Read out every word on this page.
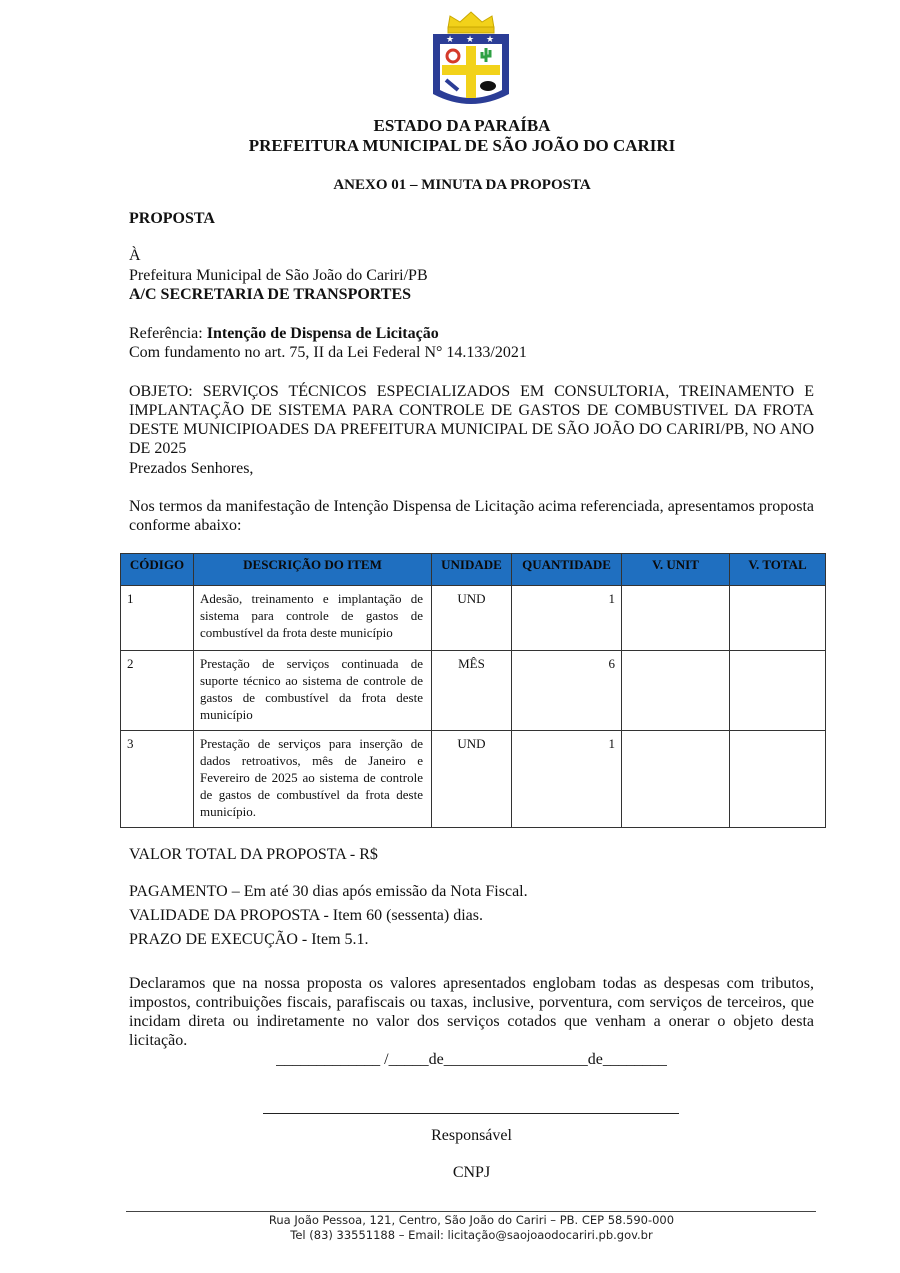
★ ★ ★
ESTADO DA PARAÍBA
PREFEITURA MUNICIPAL DE SÃO JOÃO DO CARIRI
ANEXO 01 – MINUTA DA PROPOSTA
PROPOSTA
À
Prefeitura Municipal de São João do Cariri/PB
A/C SECRETARIA DE TRANSPORTES
Referência: Intenção de Dispensa de Licitação
Com fundamento no art. 75, II da Lei Federal N° 14.133/2021
OBJETO: SERVIÇOS TÉCNICOS ESPECIALIZADOS EM CONSULTORIA, TREINAMENTO E IMPLANTAÇÃO DE SISTEMA PARA CONTROLE DE GASTOS DE COMBUSTIVEL DA FROTA DESTE MUNICIPIOADES DA PREFEITURA MUNICIPAL DE SÃO JOÃO DO CARIRI/PB, NO ANO DE 2025
Prezados Senhores,
Nos termos da manifestação de Intenção Dispensa de Licitação acima referenciada, apresentamos proposta conforme abaixo:
CÓDIGO	DESCRIÇÃO DO ITEM	UNIDADE	QUANTIDADE	V. UNIT	V. TOTAL
1	Adesão, treinamento e implantação de sistema para controle de gastos de combustível da frota deste município	UND	1		
2	Prestação de serviços continuada de suporte técnico ao sistema de controle de gastos de combustível da frota deste município	MÊS	6		
3	Prestação de serviços para inserção de dados retroativos, mês de Janeiro e Fevereiro de 2025 ao sistema de controle de gastos de combustível da frota deste município.	UND	1		
VALOR TOTAL DA PROPOSTA - R$
PAGAMENTO – Em até 30 dias após emissão da Nota Fiscal.
VALIDADE DA PROPOSTA - Item 60 (sessenta) dias.
PRAZO DE EXECUÇÃO - Item 5.1.
Declaramos que na nossa proposta os valores apresentados englobam todas as despesas com tributos, impostos, contribuições fiscais, parafiscais ou taxas, inclusive, porventura, com serviços de terceiros, que incidam direta ou indiretamente no valor dos serviços cotados que venham a onerar o objeto desta licitação.
_____________ /_____de__________________de________
Responsável
CNPJ
Rua João Pessoa, 121, Centro, São João do Cariri – PB. CEP 58.590-000
Tel (83) 33551188 – Email: licitação@saojoaodocariri.pb.gov.br
